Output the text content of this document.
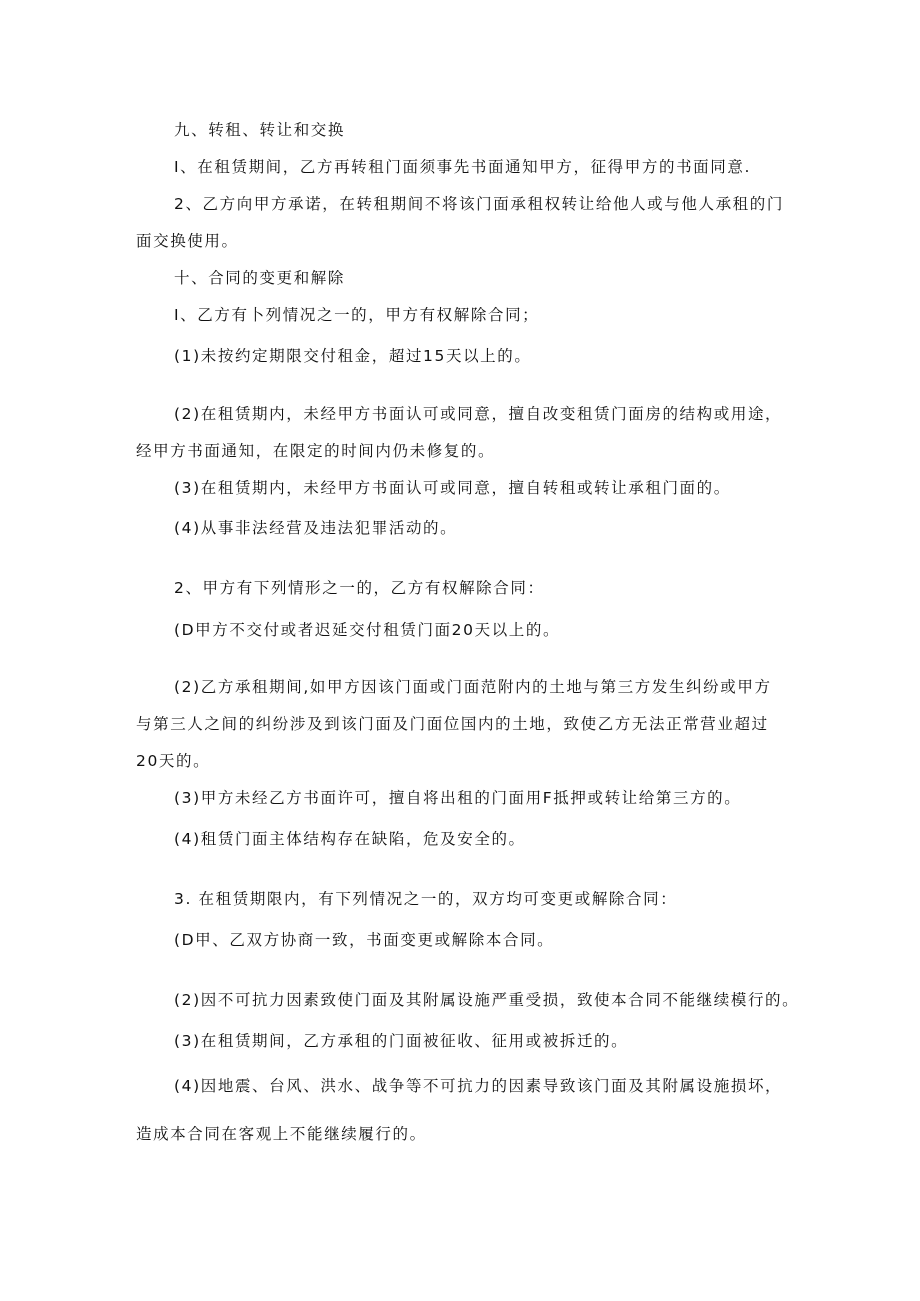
九、转租、转让和交换
I、在租赁期间，乙方再转租门面须事先书面通知甲方，征得甲方的书面同意.
2、乙方向甲方承诺，在转租期间不将该门面承租权转让给他人或与他人承租的门
面交换使用。
十、合同的变更和解除
I、乙方有卜列情况之一的，甲方有权解除合同；
(1)未按约定期限交付租金，超过15天以上的。
(2)在租赁期内，未经甲方书面认可或同意，擅自改变租赁门面房的结构或用途，
经甲方书面通知，在限定的时间内仍未修复的。
(3)在租赁期内，未经甲方书面认可或同意，擅自转租或转让承租门面的。
(4)从事非法经营及违法犯罪活动的。
2、甲方有下列情形之一的，乙方有权解除合同：
(D甲方不交付或者迟延交付租赁门面20天以上的。
(2)乙方承租期间,如甲方因该门面或门面范附内的土地与第三方发生纠纷或甲方
与第三人之间的纠纷涉及到该门面及门面位国内的土地，致使乙方无法正常营业超过
20天的。
(3)甲方未经乙方书面许可，擅自将出租的门面用F抵押或转让给第三方的。
(4)租赁门面主体结构存在缺陷，危及安全的。
3. 在租赁期限内，有下列情况之一的，双方均可变更或解除合同：
(D甲、乙双方协商一致，书面变更或解除本合同。
(2)因不可抗力因素致使门面及其附属设施严重受损，致使本合同不能继续模行的。
(3)在租赁期间，乙方承租的门面被征收、征用或被拆迁的。
(4)因地震、台风、洪水、战争等不可抗力的因素导致该门面及其附属设施损坏，
造成本合同在客观上不能继续履行的。
